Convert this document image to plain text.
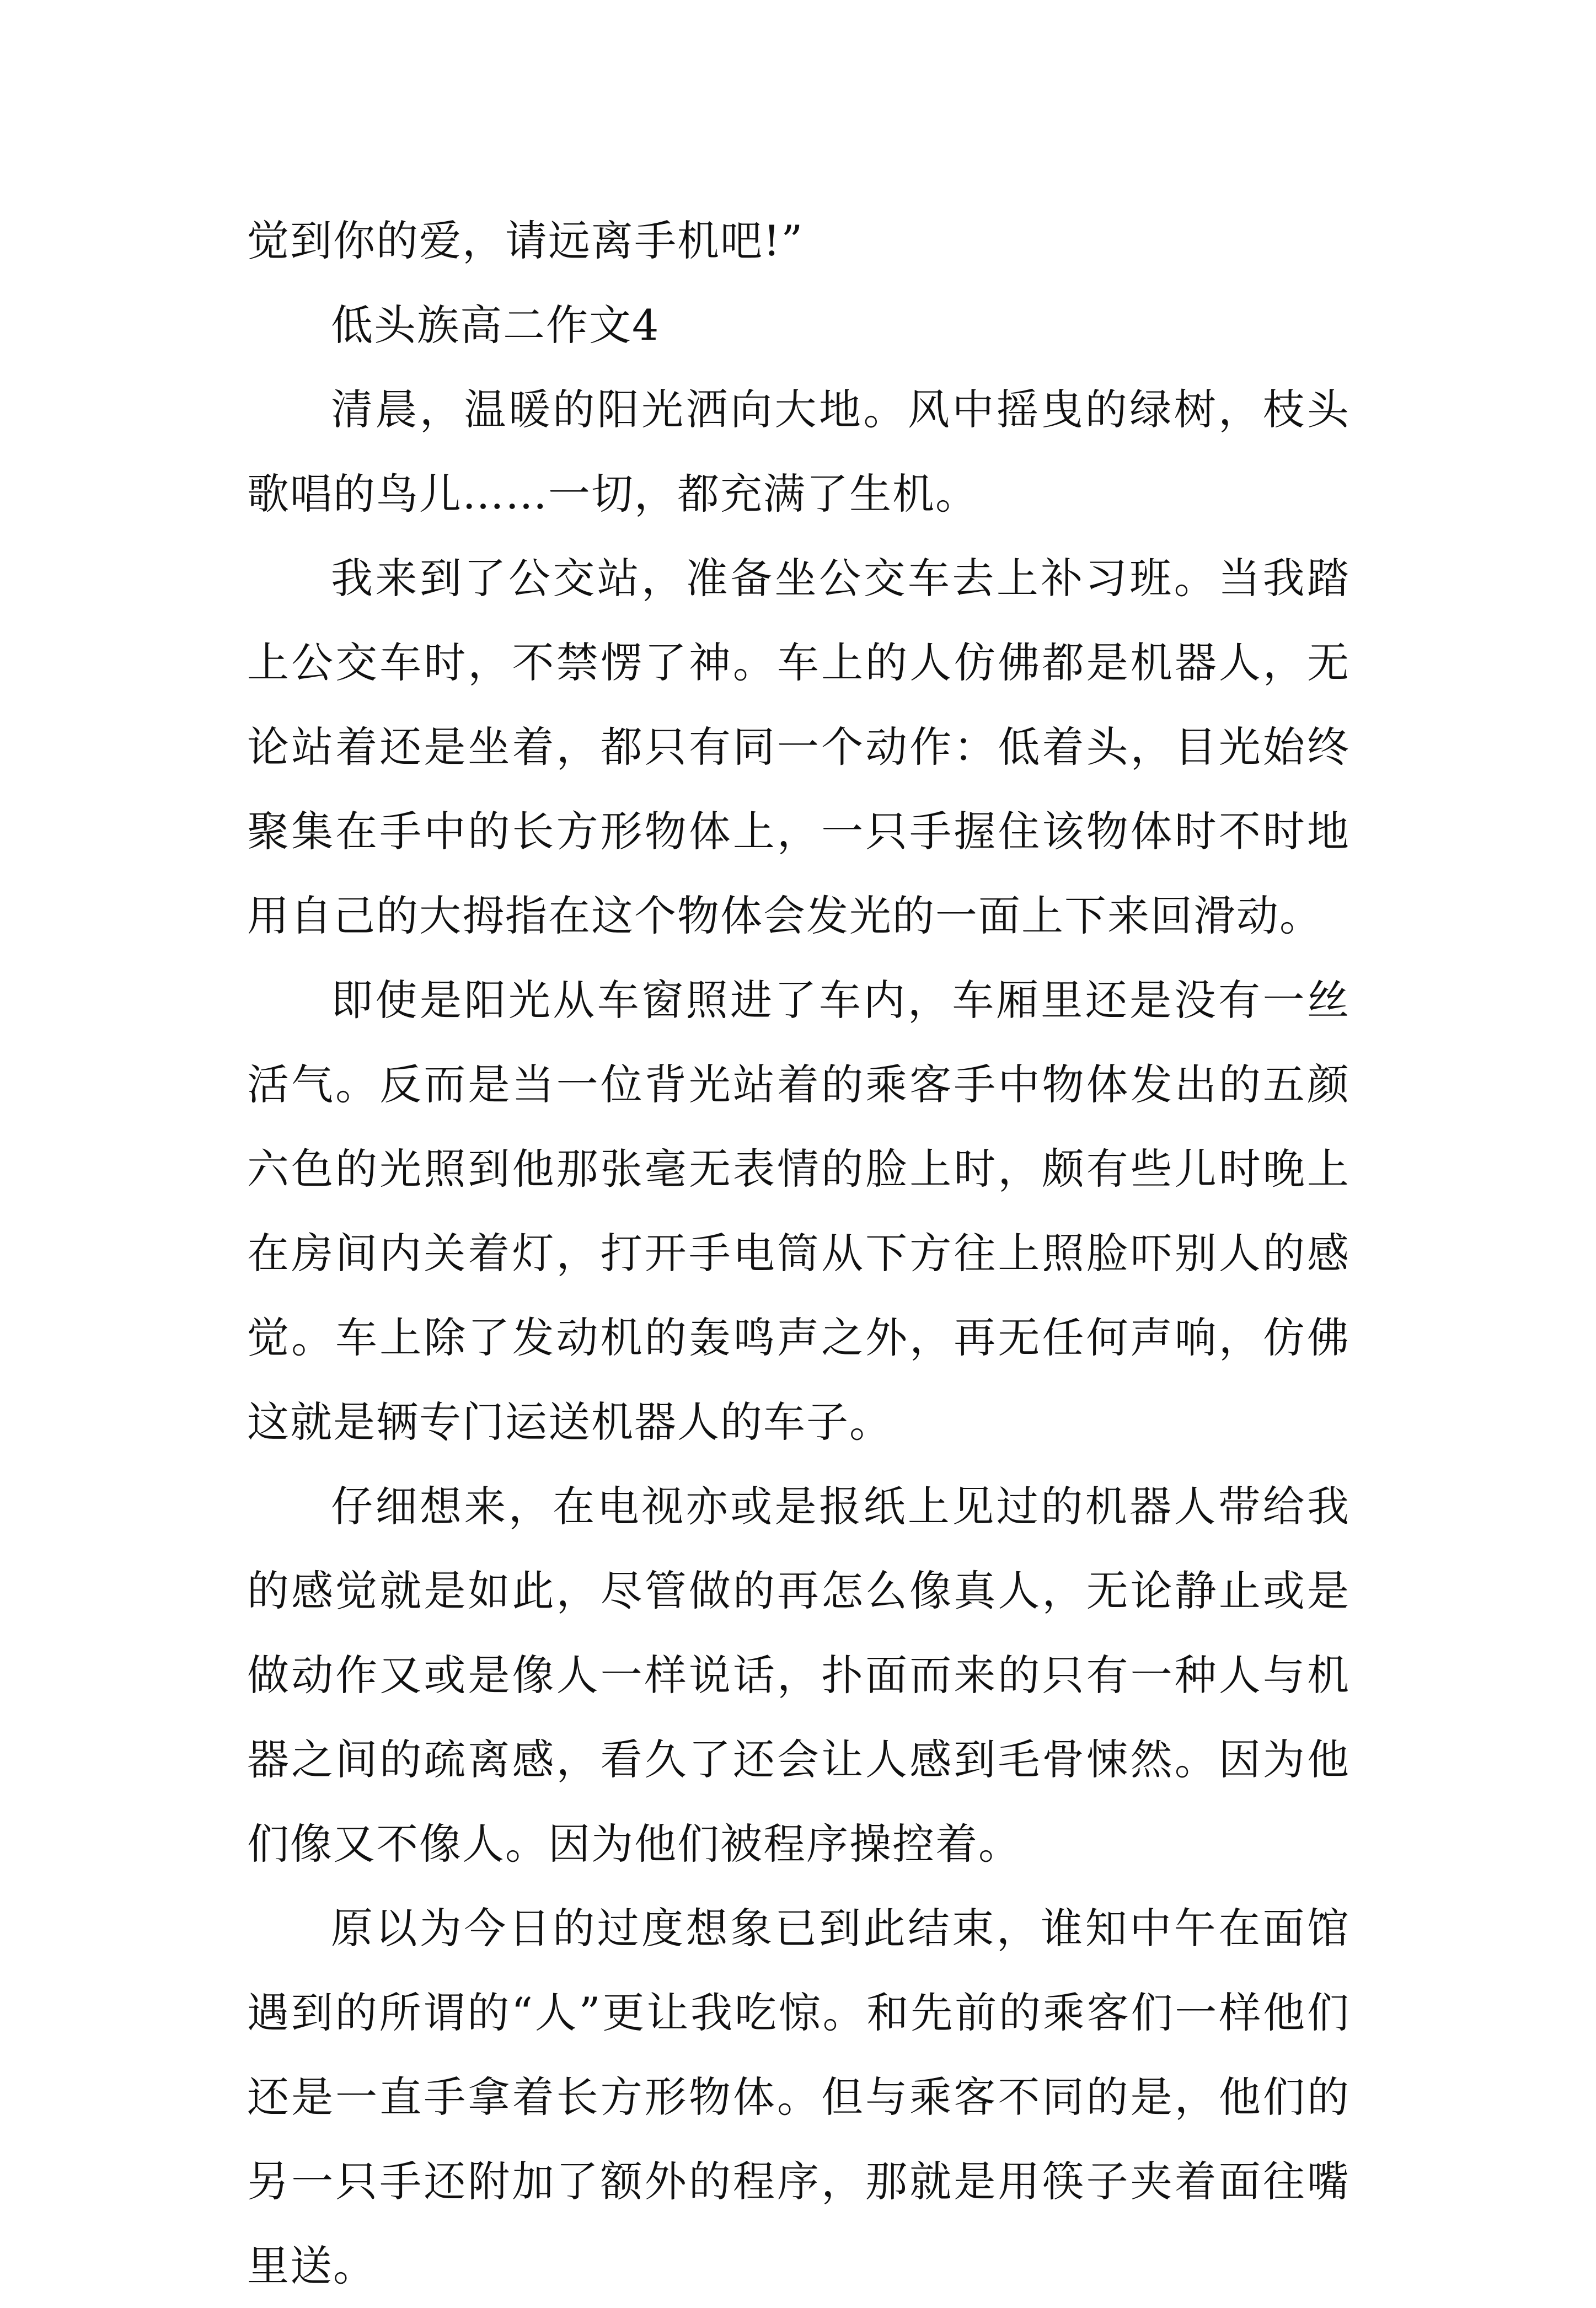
觉到你的爱，请远离手机吧!”

低头族高二作文4

清晨，温暖的阳光洒向大地。风中摇曳的绿树，枝头歌唱的鸟儿……一切，都充满了生机。

我来到了公交站，准备坐公交车去上补习班。当我踏上公交车时，不禁愣了神。车上的人仿佛都是机器人，无论站着还是坐着，都只有同一个动作：低着头，目光始终聚集在手中的长方形物体上，一只手握住该物体时不时地用自己的大拇指在这个物体会发光的一面上下来回滑动。

即使是阳光从车窗照进了车内，车厢里还是没有一丝活气。反而是当一位背光站着的乘客手中物体发出的五颜六色的光照到他那张毫无表情的脸上时，颇有些儿时晚上在房间内关着灯，打开手电筒从下方往上照脸吓别人的感觉。车上除了发动机的轰鸣声之外，再无任何声响，仿佛这就是辆专门运送机器人的车子。

仔细想来，在电视亦或是报纸上见过的机器人带给我的感觉就是如此，尽管做的再怎么像真人，无论静止或是做动作又或是像人一样说话，扑面而来的只有一种人与机器之间的疏离感，看久了还会让人感到毛骨悚然。因为他们像又不像人。因为他们被程序操控着。

原以为今日的过度想象已到此结束，谁知中午在面馆遇到的所谓的“人”更让我吃惊。和先前的乘客们一样他们还是一直手拿着长方形物体。但与乘客不同的是，他们的另一只手还附加了额外的程序，那就是用筷子夹着面往嘴里送。
